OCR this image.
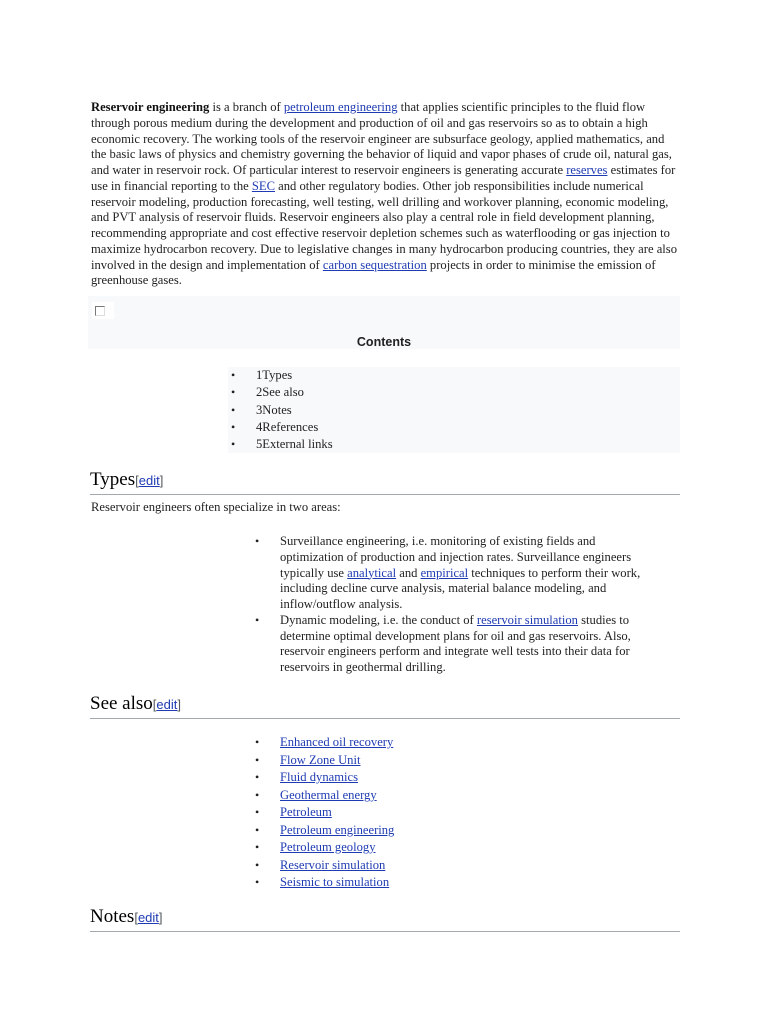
Reservoir engineering is a branch of petroleum engineering that applies scientific principles to the fluid flow through porous medium during the development and production of oil and gas reservoirs so as to obtain a high economic recovery. The working tools of the reservoir engineer are subsurface geology, applied mathematics, and the basic laws of physics and chemistry governing the behavior of liquid and vapor phases of crude oil, natural gas, and water in reservoir rock. Of particular interest to reservoir engineers is generating accurate reserves estimates for use in financial reporting to the SEC and other regulatory bodies. Other job responsibilities include numerical reservoir modeling, production forecasting, well testing, well drilling and workover planning, economic modeling, and PVT analysis of reservoir fluids. Reservoir engineers also play a central role in field development planning, recommending appropriate and cost effective reservoir depletion schemes such as waterflooding or gas injection to maximize hydrocarbon recovery. Due to legislative changes in many hydrocarbon producing countries, they are also involved in the design and implementation of carbon sequestration projects in order to minimise the emission of greenhouse gases.

Contents
• 1Types
• 2See also
• 3Notes
• 4References
• 5External links
Types[edit]

Reservoir engineers often specialize in two areas:

• Surveillance engineering, i.e. monitoring of existing fields and optimization of production and injection rates. Surveillance engineers typically use analytical and empirical techniques to perform their work, including decline curve analysis, material balance modeling, and inflow/outflow analysis.
• Dynamic modeling, i.e. the conduct of reservoir simulation studies to determine optimal development plans for oil and gas reservoirs. Also, reservoir engineers perform and integrate well tests into their data for reservoirs in geothermal drilling.
See also[edit]
• Enhanced oil recovery
• Flow Zone Unit
• Fluid dynamics
• Geothermal energy
• Petroleum
• Petroleum engineering
• Petroleum geology
• Reservoir simulation
• Seismic to simulation
Notes[edit]
